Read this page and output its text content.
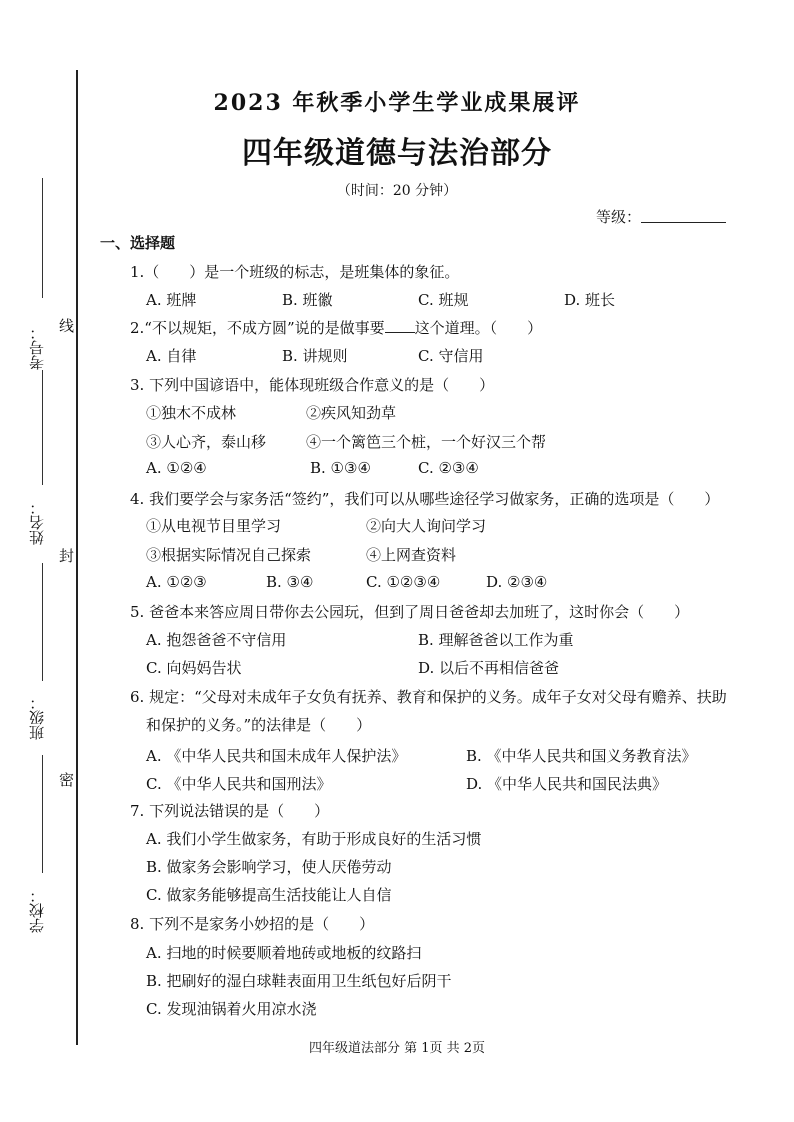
考号： 线
姓名：
封
班级：
密
学校：
2023 年秋季小学生学业成果展评
四年级道德与法治部分
（时间：20 分钟）
等级：
一、选择题
1.（　　）是一个班级的标志，是班集体的象征。
A. 班牌	B. 班徽	C. 班规	D. 班长
2.“不以规矩，不成方圆”说的是做事要 这个道理。（　　）
A. 自律	B. 讲规则	C. 守信用
3. 下列中国谚语中，能体现班级合作意义的是（　　）
①独木不成林	②疾风知劲草
③人心齐，泰山移	④一个篱笆三个桩，一个好汉三个帮
A. ①②④	B. ①③④	C. ②③④
4. 我们要学会与家务活“签约”，我们可以从哪些途径学习做家务，正确的选项是（　　）
①从电视节目里学习	②向大人询问学习
③根据实际情况自己探索	④上网查资料
A. ①②③	B. ③④	C. ①②③④	D. ②③④
5. 爸爸本来答应周日带你去公园玩，但到了周日爸爸却去加班了，这时你会（　　）
A. 抱怨爸爸不守信用	B. 理解爸爸以工作为重
C. 向妈妈告状	D. 以后不再相信爸爸
6. 规定：“父母对未成年子女负有抚养、教育和保护的义务。成年子女对父母有赡养、扶助
和保护的义务。”的法律是（　　）
A. 《中华人民共和国未成年人保护法》	B. 《中华人民共和国义务教育法》
C. 《中华人民共和国刑法》	D. 《中华人民共和国民法典》
7. 下列说法错误的是（　　）
A. 我们小学生做家务，有助于形成良好的生活习惯
B. 做家务会影响学习，使人厌倦劳动
C. 做家务能够提高生活技能让人自信
8. 下列不是家务小妙招的是（　　）
A. 扫地的时候要顺着地砖或地板的纹路扫
B. 把刷好的湿白球鞋表面用卫生纸包好后阴干
C. 发现油锅着火用凉水浇
四年级道法部分 第 1页 共 2页
